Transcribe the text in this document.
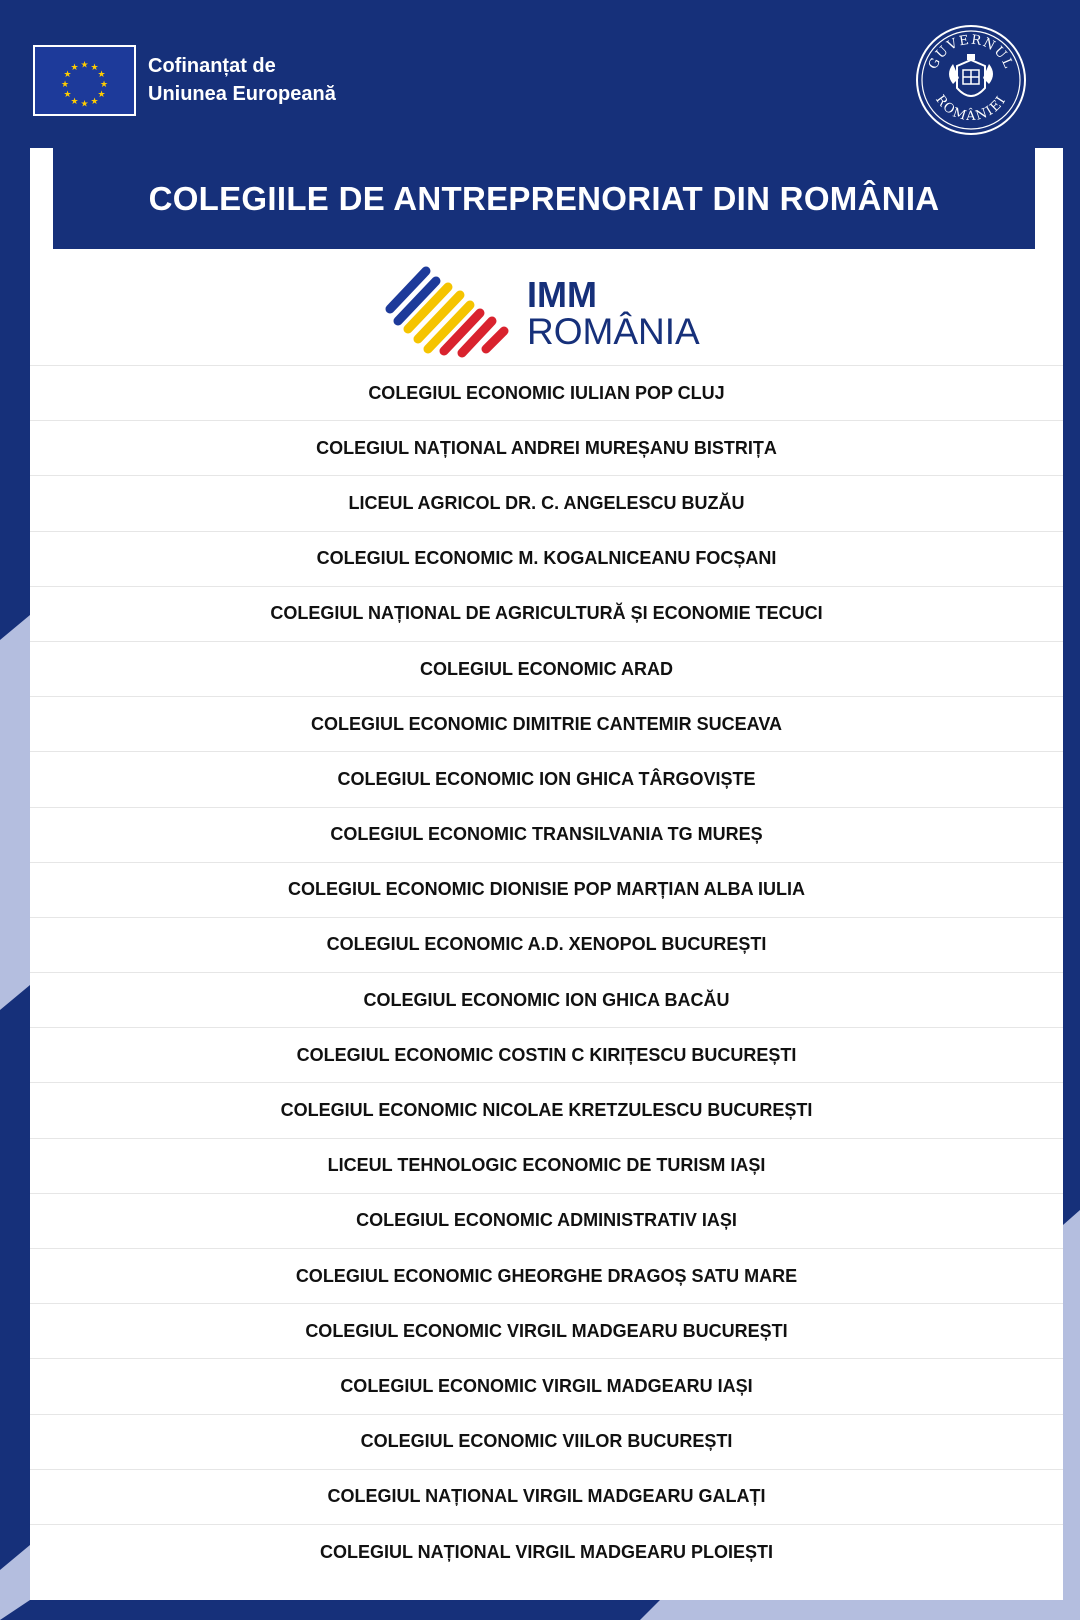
★ ★
★
★
★
★
★
★
★
★
★
★	Cofinanțat de
Uniunea Europeană
GUVERNUL
ROMÂNIEI
COLEGIILE DE ANTREPRENORIAT DIN ROMÂNIA
IMM
ROMÂNIA
COLEGIUL ECONOMIC IULIAN POP CLUJ
COLEGIUL NAȚIONAL ANDREI MUREȘANU BISTRIȚA
LICEUL AGRICOL DR. C. ANGELESCU BUZĂU
COLEGIUL ECONOMIC M. KOGALNICEANU FOCȘANI
COLEGIUL NAȚIONAL DE AGRICULTURĂ ȘI ECONOMIE TECUCI
COLEGIUL ECONOMIC ARAD
COLEGIUL ECONOMIC DIMITRIE CANTEMIR SUCEAVA
COLEGIUL ECONOMIC ION GHICA TÂRGOVIȘTE
COLEGIUL ECONOMIC TRANSILVANIA TG MUREȘ
COLEGIUL ECONOMIC DIONISIE POP MARȚIAN ALBA IULIA
COLEGIUL ECONOMIC A.D. XENOPOL BUCUREȘTI
COLEGIUL ECONOMIC ION GHICA BACĂU
COLEGIUL ECONOMIC COSTIN C KIRIȚESCU BUCUREȘTI
COLEGIUL ECONOMIC NICOLAE KRETZULESCU BUCUREȘTI
LICEUL TEHNOLOGIC ECONOMIC DE TURISM IAȘI
COLEGIUL ECONOMIC ADMINISTRATIV IAȘI
COLEGIUL ECONOMIC GHEORGHE DRAGOȘ SATU MARE
COLEGIUL ECONOMIC VIRGIL MADGEARU BUCUREȘTI
COLEGIUL ECONOMIC VIRGIL MADGEARU IAȘI
COLEGIUL ECONOMIC VIILOR BUCUREȘTI
COLEGIUL NAȚIONAL VIRGIL MADGEARU GALAȚI
COLEGIUL NAȚIONAL VIRGIL MADGEARU PLOIEȘTI
